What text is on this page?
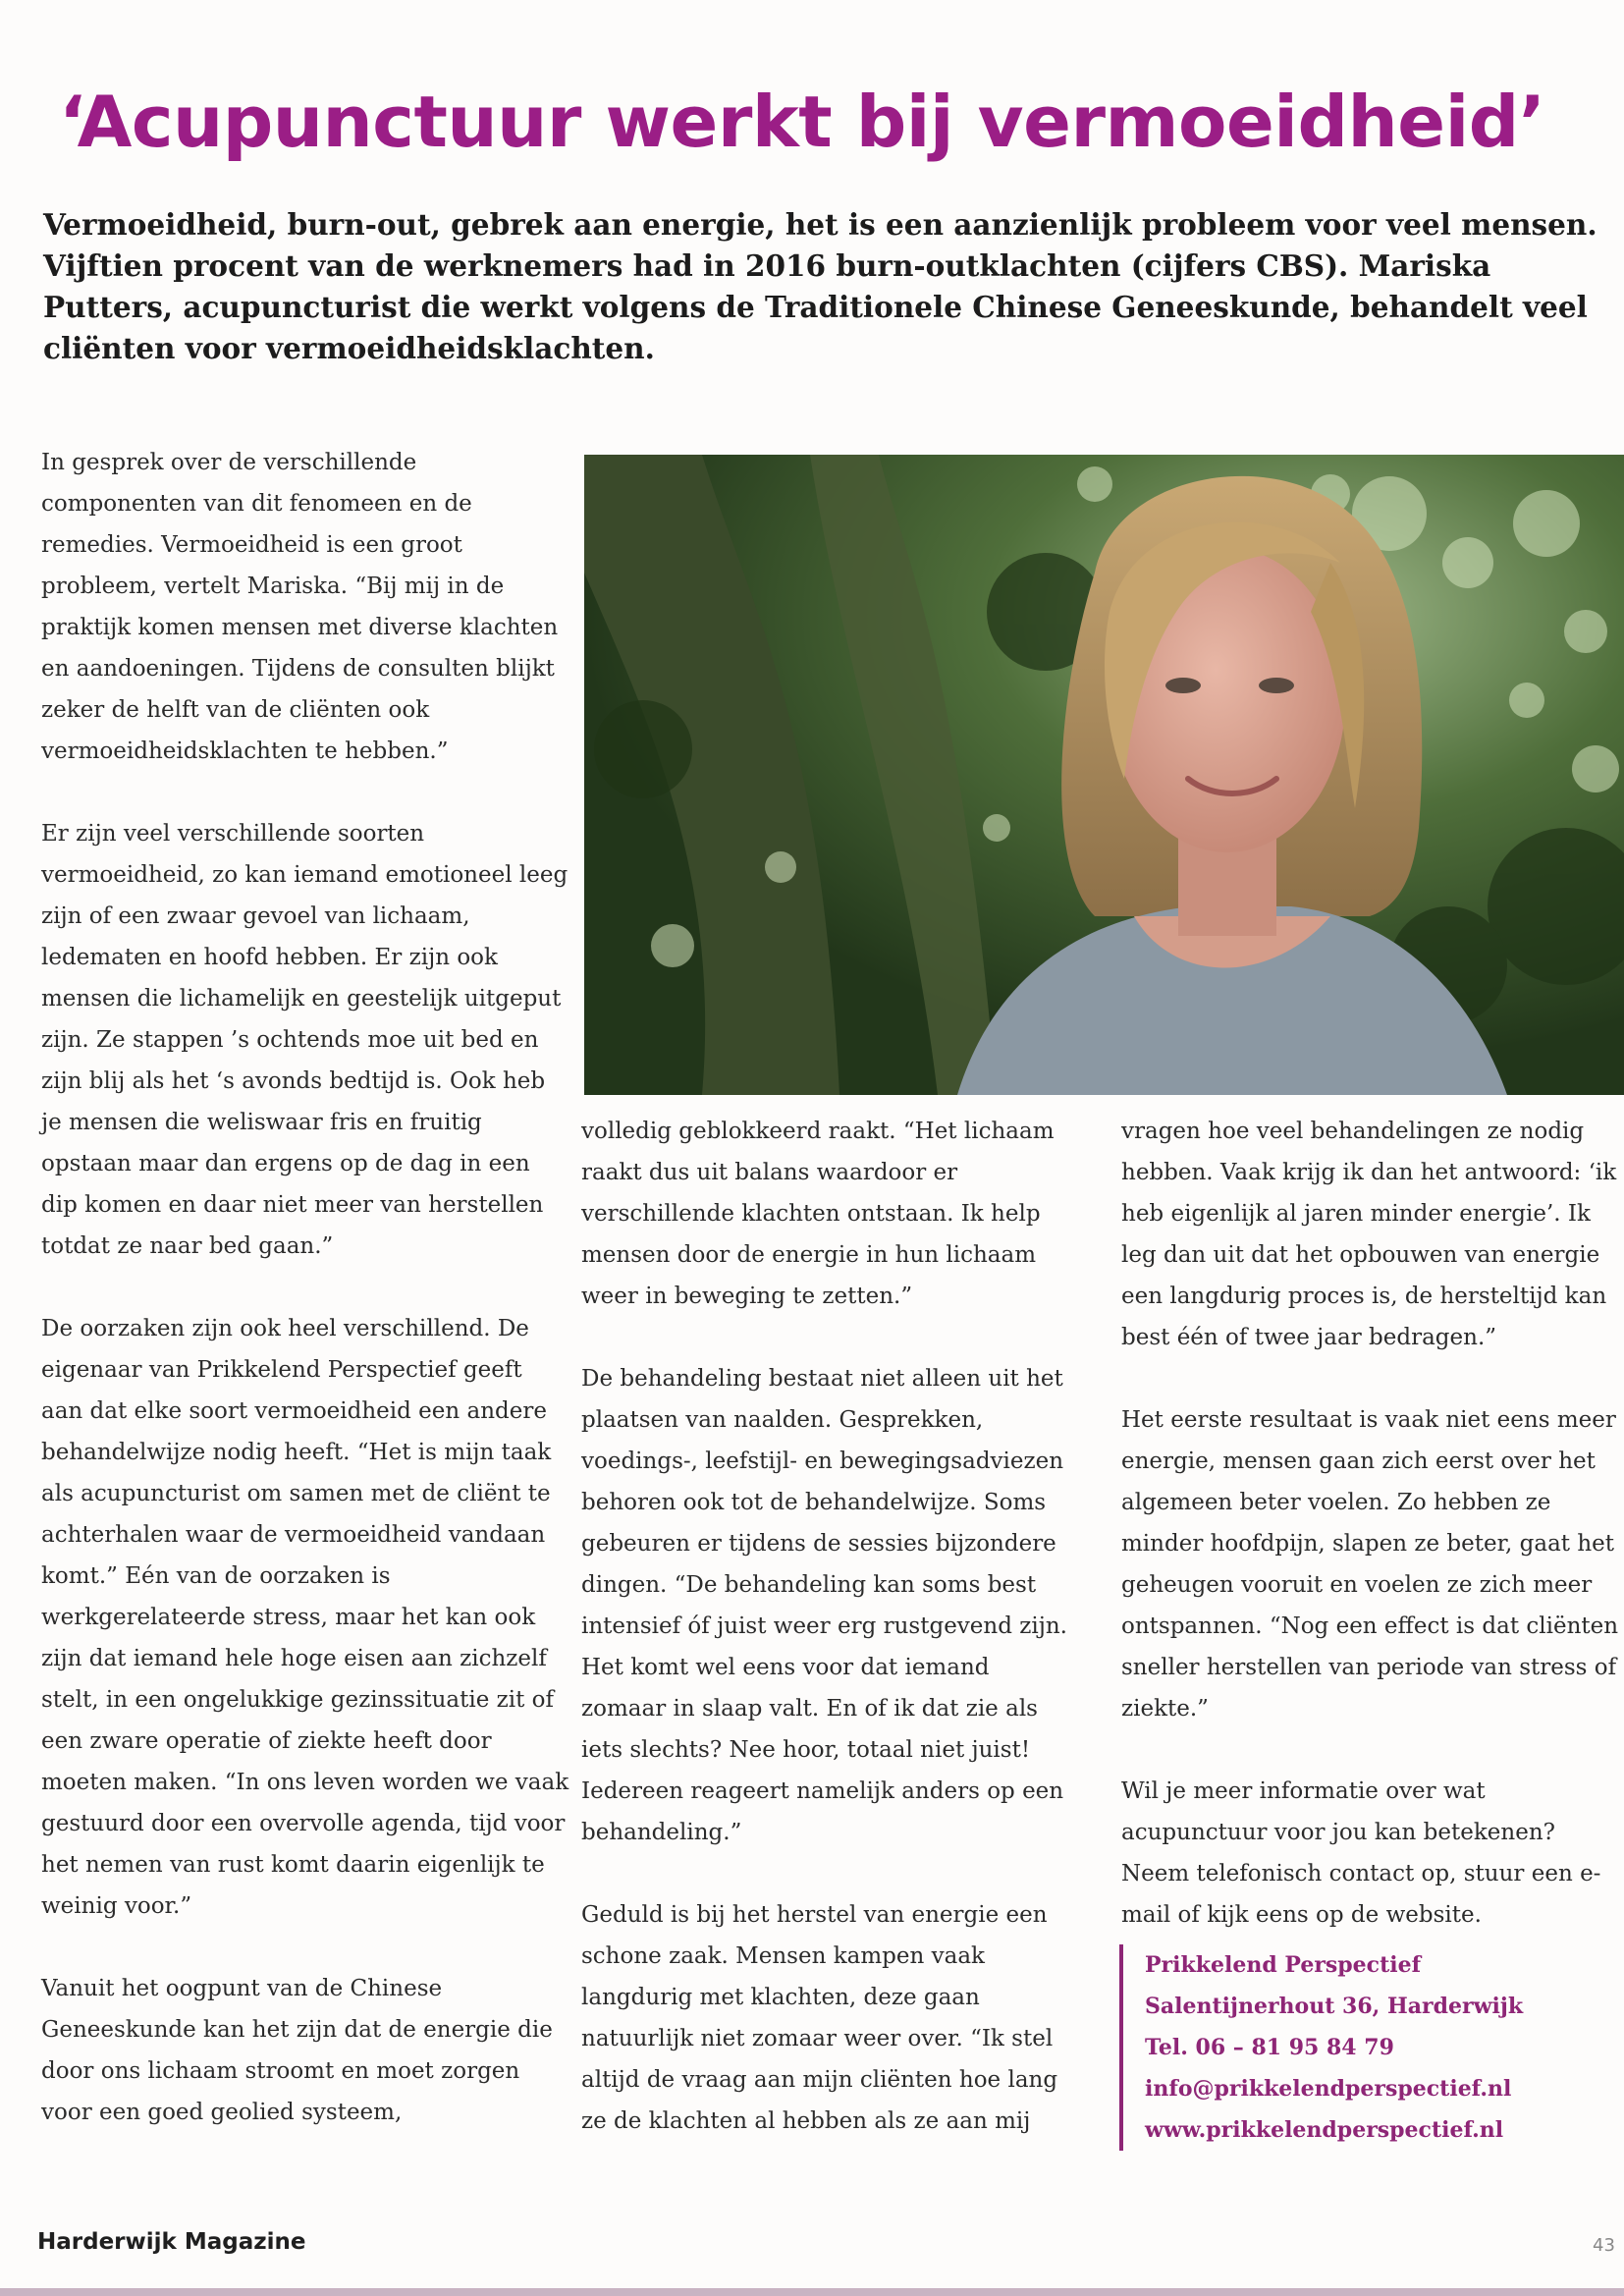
‘Acupunctuur werkt bij vermoeidheid’

Vermoeidheid, burn-out, gebrek aan energie, het is een aanzienlijk probleem voor veel mensen. Vijftien procent van de werknemers had in 2016 burn-outklachten (cijfers CBS). Mariska Putters, acupuncturist die werkt volgens de Traditionele Chinese Geneeskunde, behandelt veel cliënten voor vermoeidheidsklachten.

In gesprek over de verschillende componenten van dit fenomeen en de remedies. Vermoeidheid is een groot probleem, vertelt Mariska. “Bij mij in de praktijk komen mensen met diverse klachten en aandoeningen. Tijdens de consulten blijkt zeker de helft van de cliënten ook vermoeidheidsklachten te hebben.”

Er zijn veel verschillende soorten vermoeidheid, zo kan iemand emotioneel leeg zijn of een zwaar gevoel van lichaam, ledematen en hoofd hebben. Er zijn ook mensen die lichamelijk en geestelijk uitgeput zijn. Ze stappen ’s ochtends moe uit bed en zijn blij als het ‘s avonds bedtijd is. Ook heb je mensen die weliswaar fris en fruitig opstaan maar dan ergens op de dag in een dip komen en daar niet meer van herstellen totdat ze naar bed gaan.”

De oorzaken zijn ook heel verschillend. De eigenaar van Prikkelend Perspectief geeft aan dat elke soort vermoeidheid een andere behandelwijze nodig heeft. “Het is mijn taak als acupuncturist om samen met de cliënt te achterhalen waar de vermoeidheid vandaan komt.” Eén van de oorzaken is werkgerelateerde stress, maar het kan ook zijn dat iemand hele hoge eisen aan zichzelf stelt, in een ongelukkige gezinssituatie zit of een zware operatie of ziekte heeft door moeten maken. “In ons leven worden we vaak gestuurd door een overvolle agenda, tijd voor het nemen van rust komt daarin eigenlijk te weinig voor.”

Vanuit het oogpunt van de Chinese Geneeskunde kan het zijn dat de energie die door ons lichaam stroomt en moet zorgen voor een goed geolied systeem,

volledig geblokkeerd raakt. “Het lichaam raakt dus uit balans waardoor er verschillende klachten ontstaan. Ik help mensen door de energie in hun lichaam weer in beweging te zetten.”

De behandeling bestaat niet alleen uit het plaatsen van naalden. Gesprekken, voedings-, leefstijl- en bewegingsadviezen behoren ook tot de behandelwijze. Soms gebeuren er tijdens de sessies bijzondere dingen. “De behandeling kan soms best intensief óf juist weer erg rustgevend zijn. Het komt wel eens voor dat iemand zomaar in slaap valt. En of ik dat zie als iets slechts? Nee hoor, totaal niet juist! Iedereen reageert namelijk anders op een behandeling.”

Geduld is bij het herstel van energie een schone zaak. Mensen kampen vaak langdurig met klachten, deze gaan natuurlijk niet zomaar weer over. “Ik stel altijd de vraag aan mijn cliënten hoe lang ze de klachten al hebben als ze aan mij

vragen hoe veel behandelingen ze nodig hebben. Vaak krijg ik dan het antwoord: ‘ik heb eigenlijk al jaren minder energie’. Ik leg dan uit dat het opbouwen van energie een langdurig proces is, de hersteltijd kan best één of twee jaar bedragen.”

Het eerste resultaat is vaak niet eens meer energie, mensen gaan zich eerst over het algemeen beter voelen. Zo hebben ze minder hoofdpijn, slapen ze beter, gaat het geheugen vooruit en voelen ze zich meer ontspannen. “Nog een effect is dat cliënten sneller herstellen van periode van stress of ziekte.”

Wil je meer informatie over wat acupunctuur voor jou kan betekenen? Neem telefonisch contact op, stuur een e-mail of kijk eens op de website.

Prikkelend Perspectief
Salentijnerhout 36, Harderwijk
Tel. 06 – 81 95 84 79
info@prikkelendperspectief.nl
www.prikkelendperspectief.nl
Harderwijk Magazine	43
